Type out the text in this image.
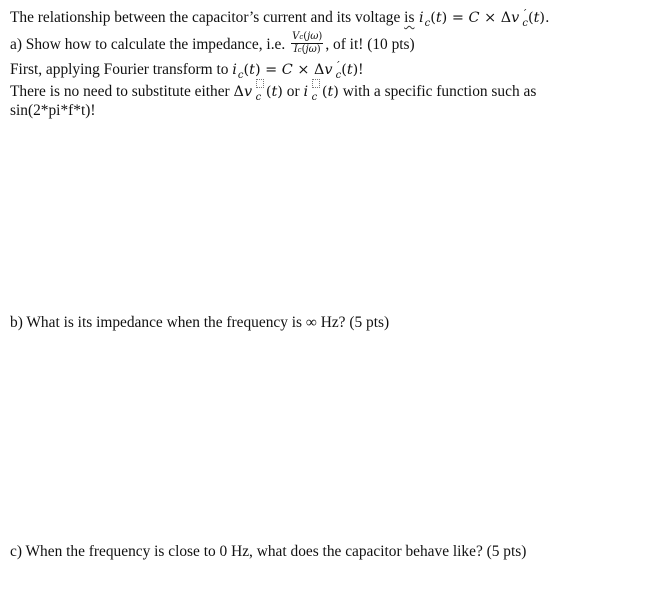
The relationship between the capacitor’s current and its voltage is $i_c(t) = C \times \Delta v$ ′$_c$(t).
a) Show how to calculate the impedance, i.e. $\frac{Vc(j\omega)}{Ic(j\omega)}$ , of it! (10 pts)
First, applying Fourier transform to $i_c(t) = C \times \Delta v$ ′$_c$(t)!
There is no need to substitute either Δv $_c$ (t) or i $_c$ (t) with a specific function such as
sin(2*pi*f*t)!
b) What is its impedance when the frequency is ∞ Hz? (5 pts)
c) When the frequency is close to 0 Hz, what does the capacitor behave like? (5 pts)
